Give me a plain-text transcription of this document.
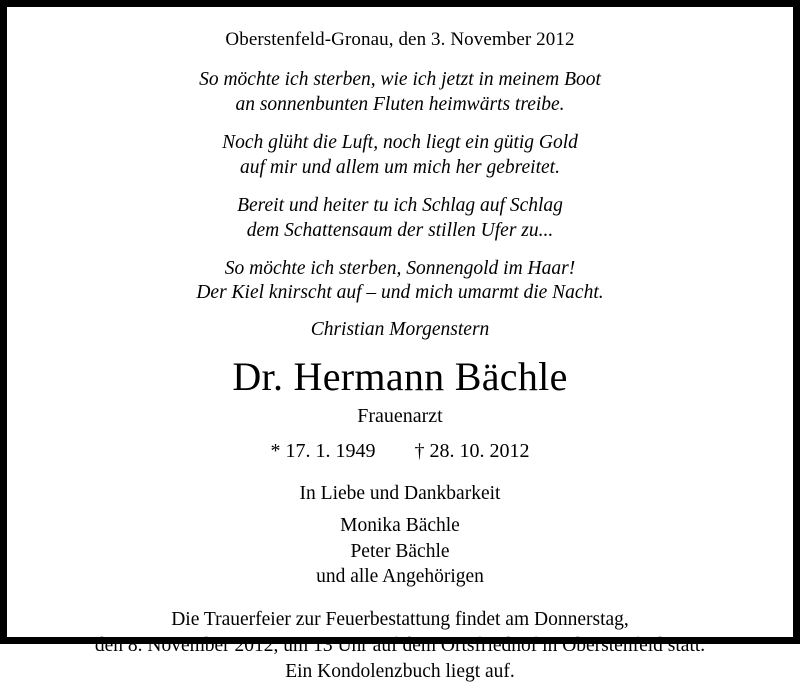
Oberstenfeld-Gronau, den 3. November 2012
So möchte ich sterben, wie ich jetzt in meinem Boot
an sonnenbunten Fluten heimwärts treibe.
Noch glüht die Luft, noch liegt ein gütig Gold
auf mir und allem um mich her gebreitet.
Bereit und heiter tu ich Schlag auf Schlag
dem Schattensaum der stillen Ufer zu...
So möchte ich sterben, Sonnengold im Haar!
Der Kiel knirscht auf – und mich umarmt die Nacht.
Christian Morgenstern
Dr. Hermann Bächle
Frauenarzt
* 17. 1. 1949 † 28. 10. 2012
In Liebe und Dankbarkeit
Monika Bächle
Peter Bächle
und alle Angehörigen
Die Trauerfeier zur Feuerbestattung findet am Donnerstag,
den 8. November 2012, um 13 Uhr auf dem Ortsfriedhof in Oberstenfeld statt.
Ein Kondolenzbuch liegt auf.
